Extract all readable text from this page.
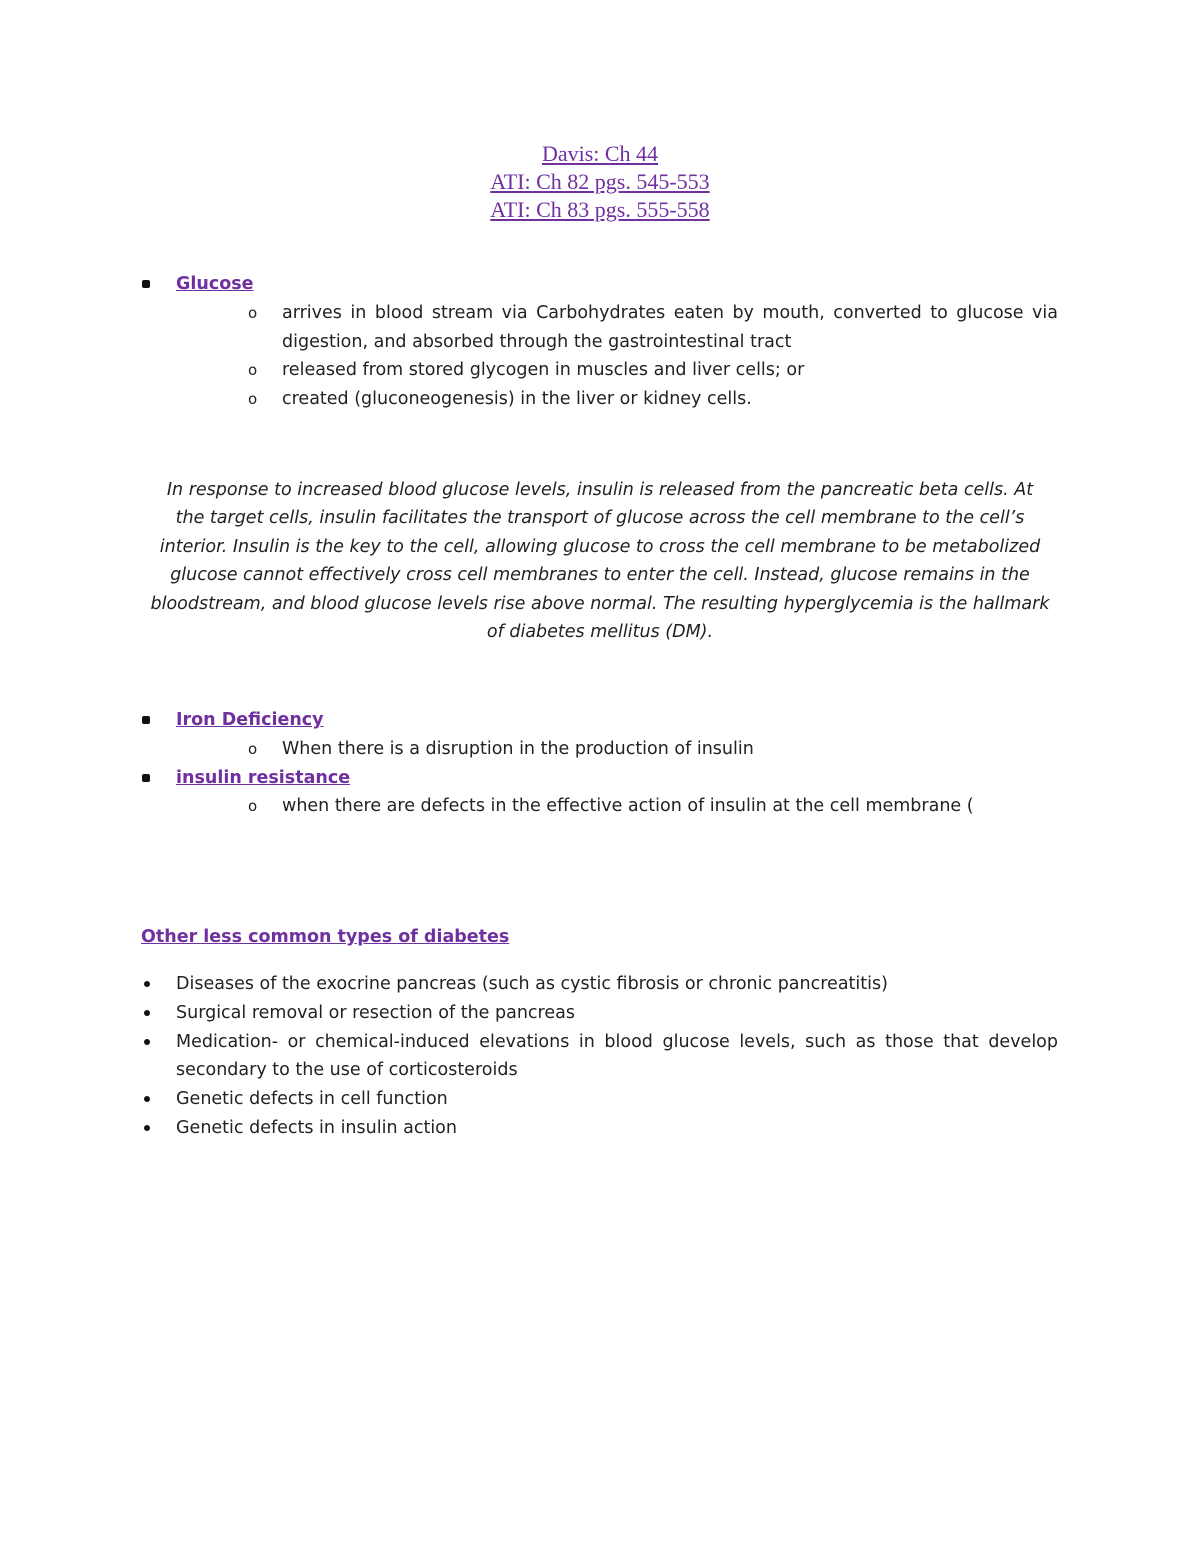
Davis: Ch 44
ATI: Ch 82 pgs. 545-553
ATI: Ch 83 pgs. 555-558
Glucose
o arrives in blood stream via Carbohydrates eaten by mouth, converted to glucose via digestion, and absorbed through the gastrointestinal tract
o released from stored glycogen in muscles and liver cells; or
o created (gluconeogenesis) in the liver or kidney cells.
In response to increased blood glucose levels, insulin is released from the pancreatic beta cells. At the target cells, insulin facilitates the transport of glucose across the cell membrane to the cell’s interior. Insulin is the key to the cell, allowing glucose to cross the cell membrane to be metabolized glucose cannot effectively cross cell membranes to enter the cell. Instead, glucose remains in the bloodstream, and blood glucose levels rise above normal. The resulting hyperglycemia is the hallmark of diabetes mellitus (DM).
Iron Deficiency
o When there is a disruption in the production of insulin
insulin resistance
o when there are defects in the effective action of insulin at the cell membrane (
Other less common types of diabetes
Diseases of the exocrine pancreas (such as cystic fibrosis or chronic pancreatitis)
Surgical removal or resection of the pancreas
Medication- or chemical-induced elevations in blood glucose levels, such as those that develop secondary to the use of corticosteroids
Genetic defects in cell function
Genetic defects in insulin action
